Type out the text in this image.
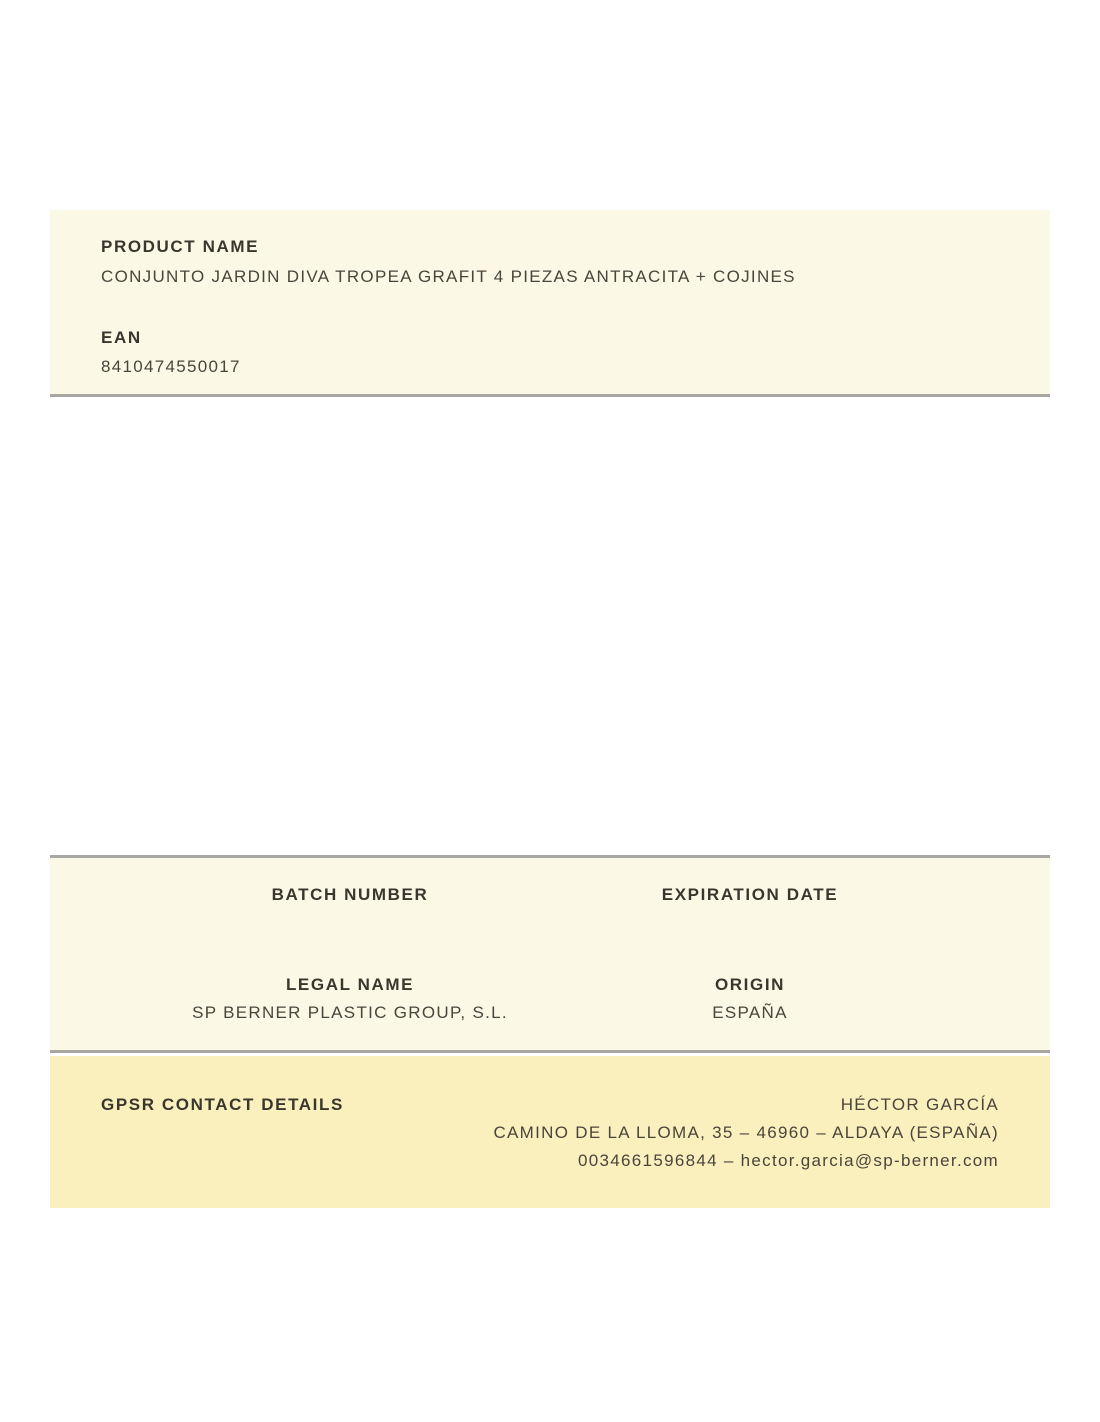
PRODUCT NAME
CONJUNTO JARDIN DIVA TROPEA GRAFIT 4 PIEZAS ANTRACITA + COJINES
EAN
8410474550017
BATCH NUMBER	EXPIRATION DATE
LEGAL NAME
SP BERNER PLASTIC GROUP, S.L.
ORIGIN
ESPAÑA
GPSR CONTACT DETAILS	HÉCTOR GARCÍA
CAMINO DE LA LLOMA, 35 – 46960 – ALDAYA (ESPAÑA)
0034661596844 – hector.garcia@sp-berner.com
